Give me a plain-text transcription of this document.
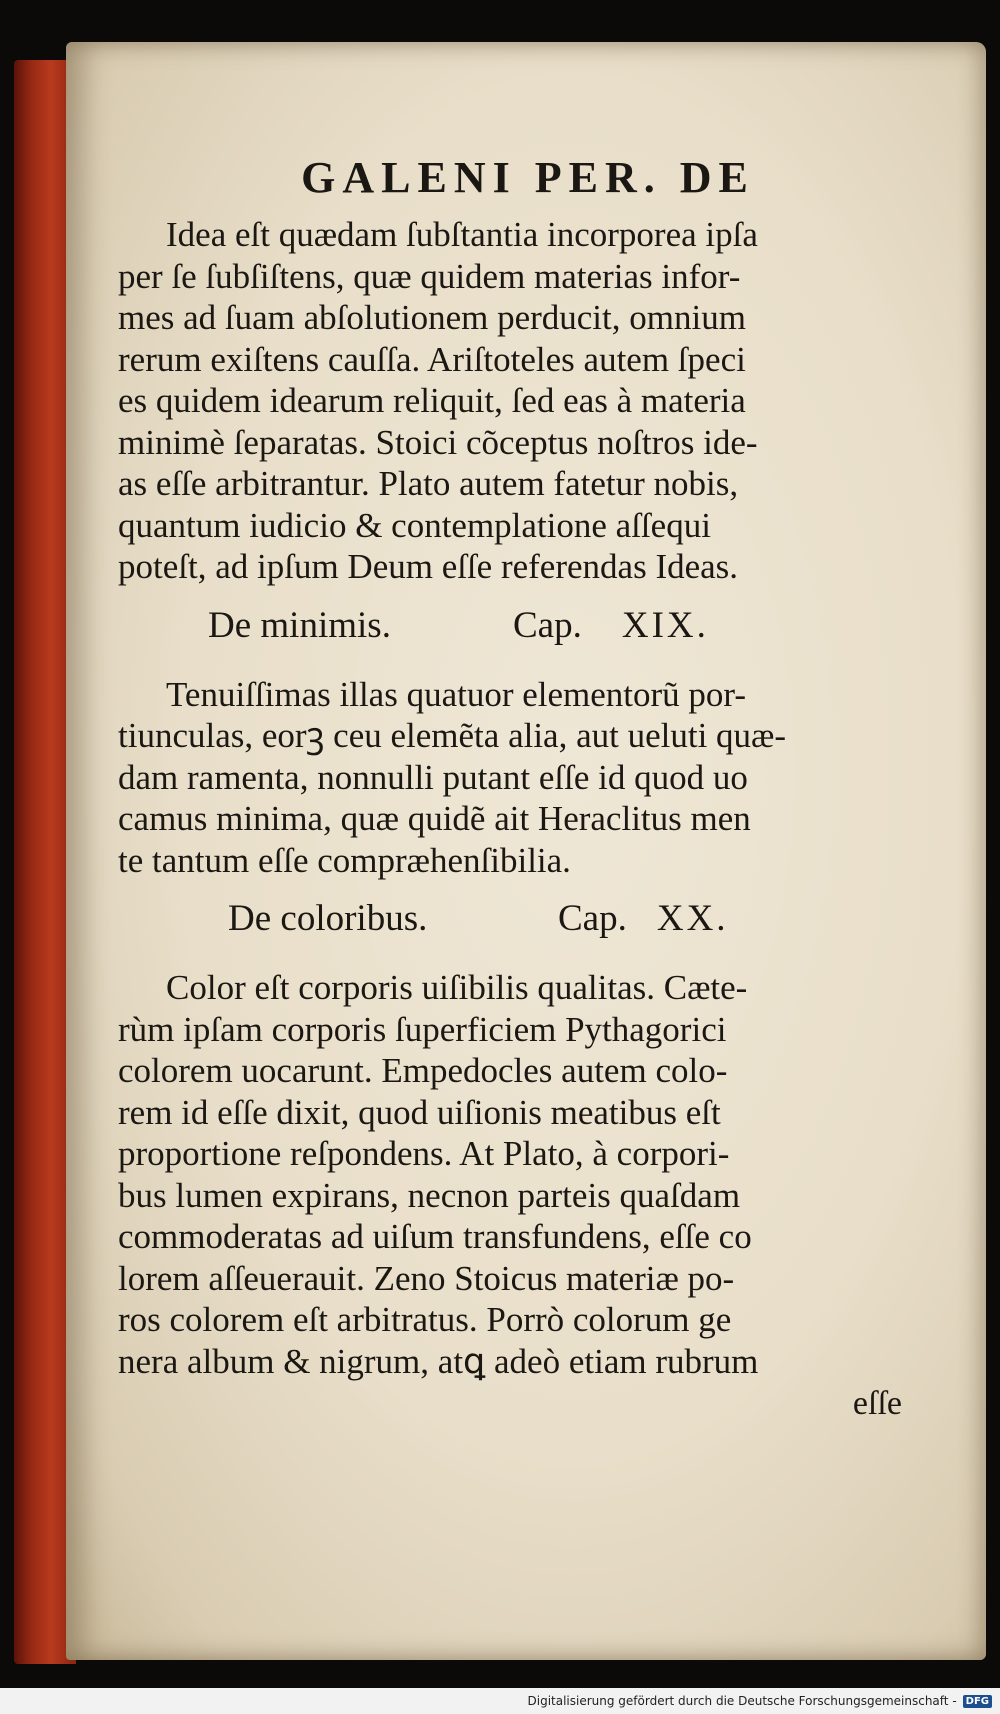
GALENI PER. DE

Idea eſt quædam ſubſtantia incorporea ipſa
per ſe ſubſiſtens, quæ quidem materias infor-
mes ad ſuam abſolutionem perducit, omnium
rerum exiſtens cauſſa. Ariſtoteles autem ſpeci
es quidem idearum reliquit, ſed eas à materia
minimè ſeparatas. Stoici cõceptus noſtros ide-
as eſſe arbitrantur. Plato autem fatetur nobis,
quantum iudicio & contemplatione aſſequi
poteſt, ad ipſum Deum eſſe referendas Ideas.

De minimis.	Cap. XIX.

Tenuiſſimas illas quatuor elementorũ por-
tiunculas, eorꝫ ceu elemẽta alia, aut ueluti quæ-
dam ramenta, nonnulli putant eſſe id quod uo
camus minima, quæ quidẽ ait Heraclitus men
te tantum eſſe compræhenſibilia.

De coloribus.	Cap. XX.

Color eſt corporis uiſibilis qualitas. Cæte-
rùm ipſam corporis ſuperficiem Pythagorici
colorem uocarunt. Empedocles autem colo-
rem id eſſe dixit, quod uiſionis meatibus eſt
proportione reſpondens. At Plato, à corpori-
bus lumen expirans, necnon parteis quaſdam
commoderatas ad uiſum transfundens, eſſe co
lorem aſſeuerauit. Zeno Stoicus materiæ po-
ros colorem eſt arbitratus. Porrò colorum ge
nera album & nigrum, atꝗ adeò etiam rubrum

eſſe
Digitalisierung gefördert durch die Deutsche Forschungsgemeinschaft - DFG
